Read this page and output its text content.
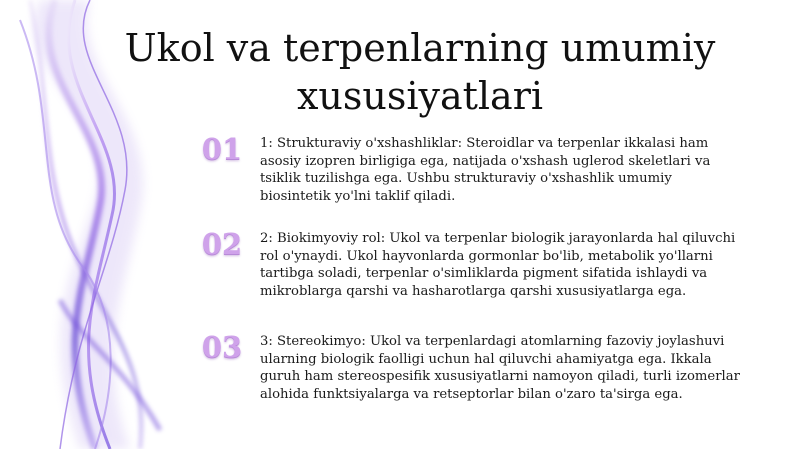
Ukol va terpenlarning umumiy xususiyatlari
01	1: Strukturaviy o'xshashliklar: Steroidlar va terpenlar ikkalasi ham asosiy izopren birligiga ega, natijada o'xshash uglerod skeletlari va tsiklik tuzilishga ega. Ushbu strukturaviy o'xshashlik umumiy biosintetik yo'lni taklif qiladi.

02	2: Biokimyoviy rol: Ukol va terpenlar biologik jarayonlarda hal qiluvchi rol o'ynaydi. Ukol hayvonlarda gormonlar bo'lib, metabolik yo'llarni tartibga soladi, terpenlar o'simliklarda pigment sifatida ishlaydi va mikroblarga qarshi va hasharotlarga qarshi xususiyatlarga ega.

03	3: Stereokimyo: Ukol va terpenlardagi atomlarning fazoviy joylashuvi ularning biologik faolligi uchun hal qiluvchi ahamiyatga ega. Ikkala guruh ham stereospesifik xususiyatlarni namoyon qiladi, turli izomerlar alohida funktsiyalarga va retseptorlar bilan o'zaro ta'sirga ega.
